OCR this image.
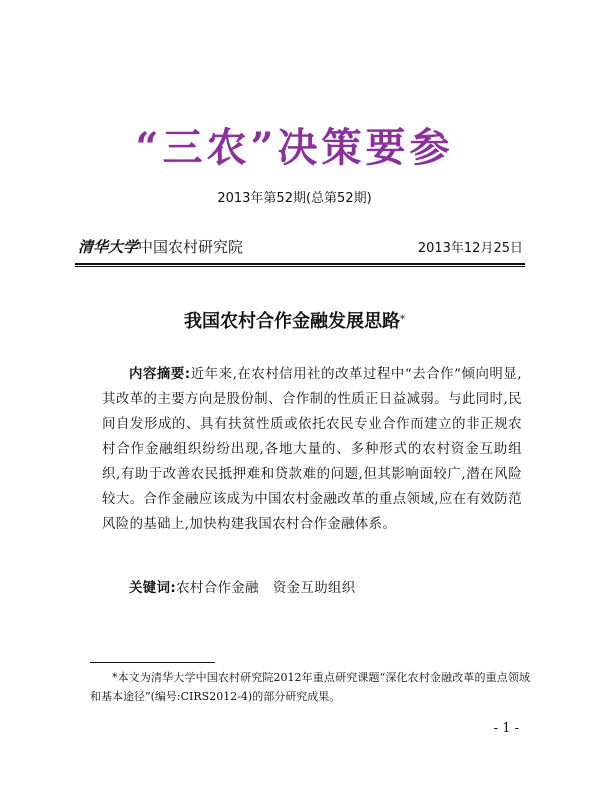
“三农”决策要参
2013年第52期(总第52期)
清华大学中国农村研究院	2013年12月25日
我国农村合作金融发展思路*
内容摘要:近年来,在农村信用社的改革过程中“去合作”倾向明显,其改革的主要方向是股份制、合作制的性质正日益减弱。与此同时,民间自发形成的、具有扶贫性质或依托农民专业合作而建立的非正规农村合作金融组织纷纷出现,各地大量的、多种形式的农村资金互助组织,有助于改善农民抵押难和贷款难的问题,但其影响面较广,潜在风险较大。合作金融应该成为中国农村金融改革的重点领域,应在有效防范风险的基础上,加快构建我国农村合作金融体系。
关键词:农村合作金融   资金互助组织
*本文为清华大学中国农村研究院2012年重点研究课题“深化农村金融改革的重点领域和基本途径”(编号:CIRS2012-4)的部分研究成果。
- 1 -
